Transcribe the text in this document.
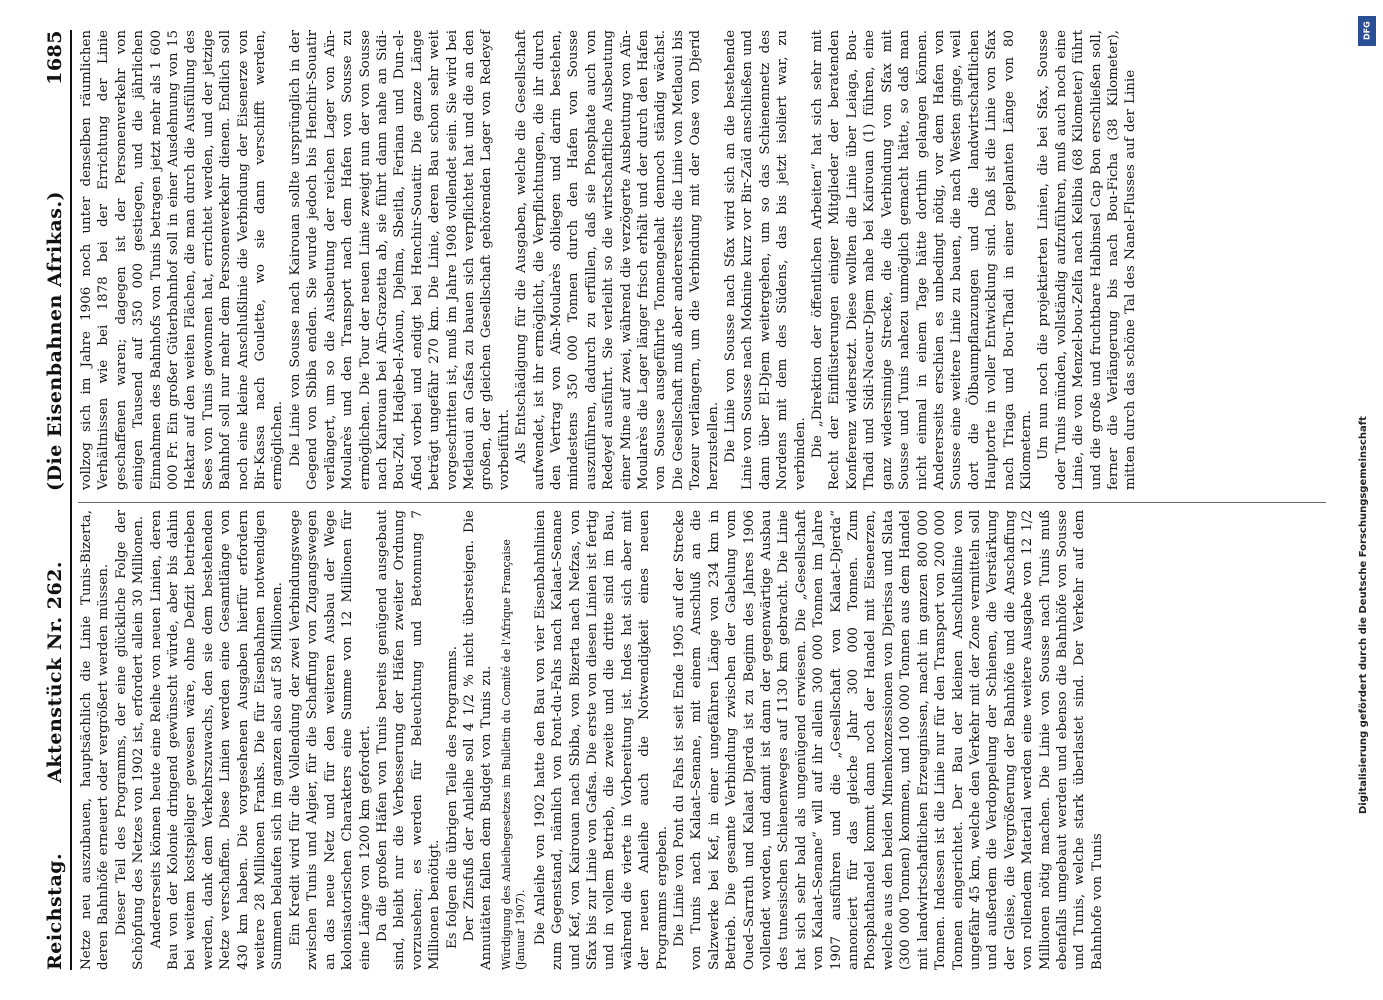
Reichstag.
Aktenstück Nr. 262.
(Die Eisenbahnen Afrikas.)
1685
Netze neu auszubauen, hauptsächlich die Linie Tunis-Bizerta, deren Bahnhöfe erneuert oder vergrößert werden müssen.
Dieser Teil des Programms, der eine glückliche Folge der Schöpfung des Netzes von 1902 ist, erfordert allein 30 Millionen.
Andererseits können heute eine Reihe von neuen Linien, deren Bau von der Kolonie dringend gewünscht würde, aber bis dahin bei weitem kostspieliger gewesen wäre, ohne Defizit betrieben werden, dank dem Verkehrszuwachs, den sie dem bestehenden Netze verschaffen. Diese Linien werden eine Gesamtlänge von 430 km haben. Die vorgesehenen Ausgaben hierfür erfordern weitere 28 Millionen Franks. Die für Eisenbahnen notwendigen Summen belaufen sich im ganzen also auf 58 Millionen.
Ein Kredit wird für die Vollendung der zwei Verbindungswege zwischen Tunis und Algier, für die Schaffung von Zugangswegen an das neue Netz und für den weiteren Ausbau der Wege kolonisatorischen Charakters eine Summe von 12 Millionen für eine Länge von 1200 km gefordert.
Da die großen Häfen von Tunis bereits genügend ausgebaut sind, bleibt nur die Verbesserung der Häfen zweiter Ordnung vorzusehen; es werden für Beleuchtung und Betonnung 7 Millionen benötigt.
Es folgen die übrigen Teile des Programms.
Der Zinsfuß der Anleihe soll 4 1/2 % nicht übersteigen. Die Annuitäten fallen dem Budget von Tunis zu. Würdigung des Anleihegesetzes im Bulletin du Comité de l'Afrique Française (Januar 1907). Die Anleihe von 1902 hatte den Bau von vier Eisenbahnlinien zum Gegenstand, nämlich von Pont-du-Fahs nach Kalaat–Senane und Kef, von Kairouan nach Sbiba, von Bizerta nach Nefzas, von Sfax bis zur Linie von Gafsa. Die erste von diesen Linien ist fertig und in vollem Betrieb, die zweite und die dritte sind im Bau, während die vierte in Vorbereitung ist. Indes hat sich aber mit der neuen Anleihe auch die Notwendigkeit eines neuen Programms ergeben.
Die Linie von Pont du Fahs ist seit Ende 1905 auf der Strecke von Tunis nach Kalaat–Senane, mit einem Anschluß an die Salzwerke bei Kef, in einer ungefähren Länge von 234 km in Betrieb. Die gesamte Verbindung zwischen der Gabelung vom Oued–Sarrath und Kalaat Djerda ist zu Beginn des Jahres 1906 vollendet worden, und damit ist dann der gegenwärtige Ausbau des tunesischen Schienenweges auf 1130 km gebracht. Die Linie hat sich sehr bald als ungenügend erwiesen. Die „Gesellschaft von Kalaat–Senane“ will auf ihr allein 300 000 Tonnen im Jahre 1907 ausführen und die „Gesellschaft von Kalaat–Djerda“ annonciert für das gleiche Jahr 300 000 Tonnen. Zum Phosphathandel kommt dann noch der Handel mit Eisenerzen, welche aus den beiden Minenkonzessionen von Djerissa und Slata (300 000 Tonnen) kommen, und 100 000 Tonnen aus dem Handel mit landwirtschaftlichen Erzeugnissen, macht im ganzen 800 000 Tonnen. Indessen ist die Linie nur für den Transport von 200 000 Tonnen eingerichtet. Der Bau der kleinen Anschlußlinie von ungefähr 45 km, welche den Verkehr mit der Zone vermitteln soll und außerdem die Verdoppelung der Schienen, die Verstärkung der Gleise, die Vergrößerung der Bahnhöfe und die Anschaffung von rollendem Material werden eine weitere Ausgabe von 12 1/2 Millionen nötig machen. Die Linie von Sousse nach Tunis muß ebenfalls umgebaut werden und ebenso die Bahnhöfe von Sousse und Tunis, welche stark überlastet sind. Der Verkehr auf dem Bahnhofe von Tunis
vollzog sich im Jahre 1906 noch unter denselben räumlichen Verhältnissen wie bei 1878 bei der Errichtung der Linie geschaffenen waren; dagegen ist der Personenverkehr von einigen Tausend auf 350 000 gestiegen, und die jährlichen Einnahmen des Bahnhofs von Tunis betragen jetzt mehr als 1 600 000 Fr. Ein großer Güterbahnhof soll in einer Ausdehnung von 15 Hektar auf den weiten Flächen, die man durch die Ausfüllung des Sees von Tunis gewonnen hat, errichtet werden, und der jetzige Bahnhof soll nur mehr dem Personenverkehr dienen. Endlich soll noch eine kleine Anschlußlinie die Verbindung der Eisenerze von Bir-Kassa nach Goulette, wo sie dann verschifft werden, ermöglichen.
Die Linie von Sousse nach Kairouan sollte ursprünglich in der Gegend von Sbiba enden. Sie wurde jedoch bis Henchir-Souatir verlängert, um so die Ausbeutung der reichen Lager von Aïn-Moularès und den Transport nach dem Hafen von Sousse zu ermöglichen. Die Tour der neuen Linie zweigt nun der von Sousse nach Kairouan bei Aïn-Grazetta ab, sie führt dann nahe an Sidi-Bou-Zid, Hadjeb-el-Aïoun, Djelma, Sbeitla, Feriana und Dun-el-Afiod vorbei und endigt bei Henchir-Souatir. Die ganze Länge beträgt ungefähr 270 km. Die Linie, deren Bau schon sehr weit vorgeschritten ist, muß im Jahre 1908 vollendet sein. Sie wird bei Metlaoui an Gafsa zu bauen sich verpflichtet hat und die an den großen, der gleichen Gesellschaft gehörenden Lager von Redeyef vorbeiführt.
Als Entschädigung für die Ausgaben, welche die Gesellschaft aufwendet, ist ihr ermöglicht, die Verpflichtungen, die ihr durch den Vertrag von Aïn-Moularès obliegen und darin bestehen, mindestens 350 000 Tonnen durch den Hafen von Sousse auszuführen, dadurch zu erfüllen, daß sie Phosphate auch von Redeyef ausführt. Sie verleiht so die wirtschaftliche Ausbeutung einer Mine auf zwei, während die verzögerte Ausbeutung von Aïn-Moularès die Lager länger frisch erhält und der durch den Hafen von Sousse ausgeführte Tonnengehalt dennoch ständig wächst. Die Gesellschaft muß aber andererseits die Linie von Metlaoui bis Tozeur verlängern, um die Verbindung mit der Oase von Djerid herzustellen.
Die Linie von Sousse nach Sfax wird sich an die bestehende Linie von Sousse nach Moknine kurz vor Bir-Zaïd anschließen und dann über El-Djem weitergehen, um so das Schienennetz des Nordens mit dem des Südens, das bis jetzt isoliert war, zu verbinden.
Die „Direktion der öffentlichen Arbeiten“ hat sich sehr mit Recht der Einflüsterungen einiger Mitglieder der beratenden Konferenz widersetzt. Diese wollten die Linie über Leiaga, Bou-Thadi und Sidi-Naceur-Djem nahe bei Kairouan (1) führen, eine ganz widersinnige Strecke, die die Verbindung von Sfax mit Sousse und Tunis nahezu unmöglich gemacht hätte, so daß man nicht einmal in einem Tage hätte dorthin gelangen können. Andererseits erschien es unbedingt nötig, vor dem Hafen von Sousse eine weitere Linie zu bauen, die nach Westen ginge, weil dort die Ölbaumpflanzungen und die landwirtschaftlichen Hauptorte in voller Entwicklung sind. Daß ist die Linie von Sfax nach Triaga und Bou-Thadi in einer geplanten Länge von 80 Kilometern.
Um nun noch die projektierten Linien, die bei Sfax, Sousse oder Tunis münden, vollständig aufzuführen, muß auch noch eine Linie, die von Menzel-bou-Zelfa nach Kelibia (68 Kilometer) führt und die große und fruchtbare Halbinsel Cap Bon erschließen soll, ferner die Verlängerung bis nach Bou-Ficha (38 Kilometer), mitten durch das schöne Tal des Nanel-Flusses auf der Linie
DFG
Digitalisierung gefördert durch die Deutsche Forschungsgemeinschaft
